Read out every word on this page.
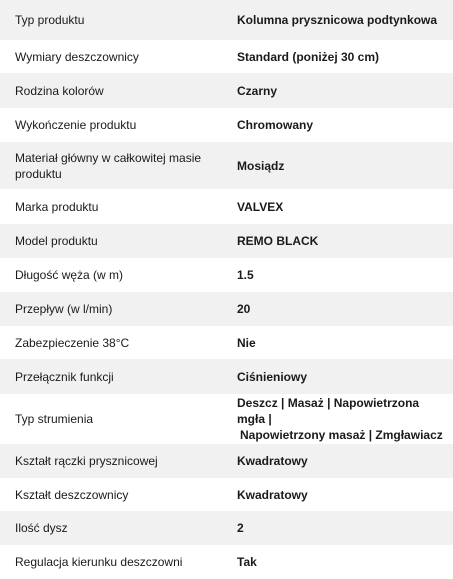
Typ produktu	Kolumna prysznicowa podtynkowa
Wymiary deszczownicy	Standard (poniżej 30 cm)
Rodzina kolorów	Czarny
Wykończenie produktu	Chromowany
Materiał główny w całkowitej masie produktu	Mosiądz
Marka produktu	VALVEX
Model produktu	REMO BLACK
Długość węża (w m)	1.5
Przepływ (w l/min)	20
Zabezpieczenie 38°C	Nie
Przełącznik funkcji	Ciśnieniowy
Typ strumienia	Deszcz | Masaż | Napowietrzona mgła |
Napowietrzony masaż | Zmgławiacz

Kształt rączki prysznicowej	Kwadratowy
Kształt deszczownicy	Kwadratowy
Ilość dysz	2
Regulacja kierunku deszczowni	Tak
